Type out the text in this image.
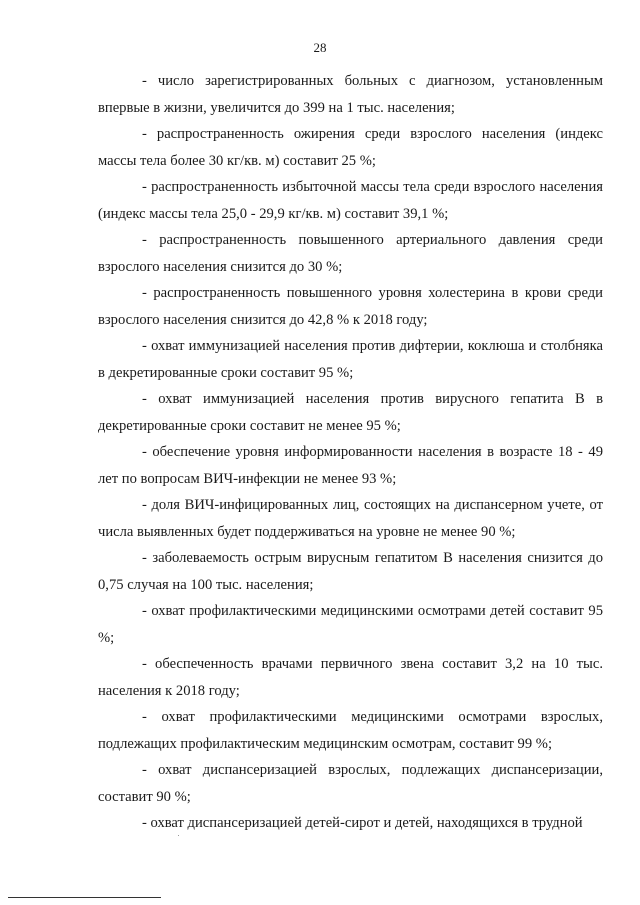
28

- число зарегистрированных больных с диагнозом, установленным впервые в жизни, увеличится до 399 на 1 тыс. населения;

- распространенность ожирения среди взрослого населения (индекс массы тела более 30 кг/кв. м) составит 25 %;

- распространенность избыточной массы тела среди взрослого населения (индекс массы тела 25,0 - 29,9 кг/кв. м) составит 39,1 %;

- распространенность повышенного артериального давления среди взрослого населения снизится до 30 %;

- распространенность повышенного уровня холестерина в крови среди взрослого населения снизится до 42,8 % к 2018 году;

- охват иммунизацией населения против дифтерии, коклюша и столбняка в декретированные сроки составит 95 %;

- охват иммунизацией населения против вирусного гепатита В в декретированные сроки составит не менее 95 %;

- обеспечение уровня информированности населения в возрасте 18 - 49 лет по вопросам ВИЧ-инфекции не менее 93 %;

- доля ВИЧ-инфицированных лиц, состоящих на диспансерном учете, от числа выявленных будет поддерживаться на уровне не менее 90 %;

- заболеваемость острым вирусным гепатитом В населения снизится до 0,75 случая на 100 тыс. населения;

- охват профилактическими медицинскими осмотрами детей составит 95 %;

- обеспеченность врачами первичного звена составит 3,2 на 10 тыс. населения к 2018 году;

- охват профилактическими медицинскими осмотрами взрослых, подлежащих профилактическим медицинским осмотрам, составит 99 %;

- охват диспансеризацией взрослых, подлежащих диспансеризации, составит 90 %;

- охват диспансеризацией детей-сирот и детей, находящихся в трудной
